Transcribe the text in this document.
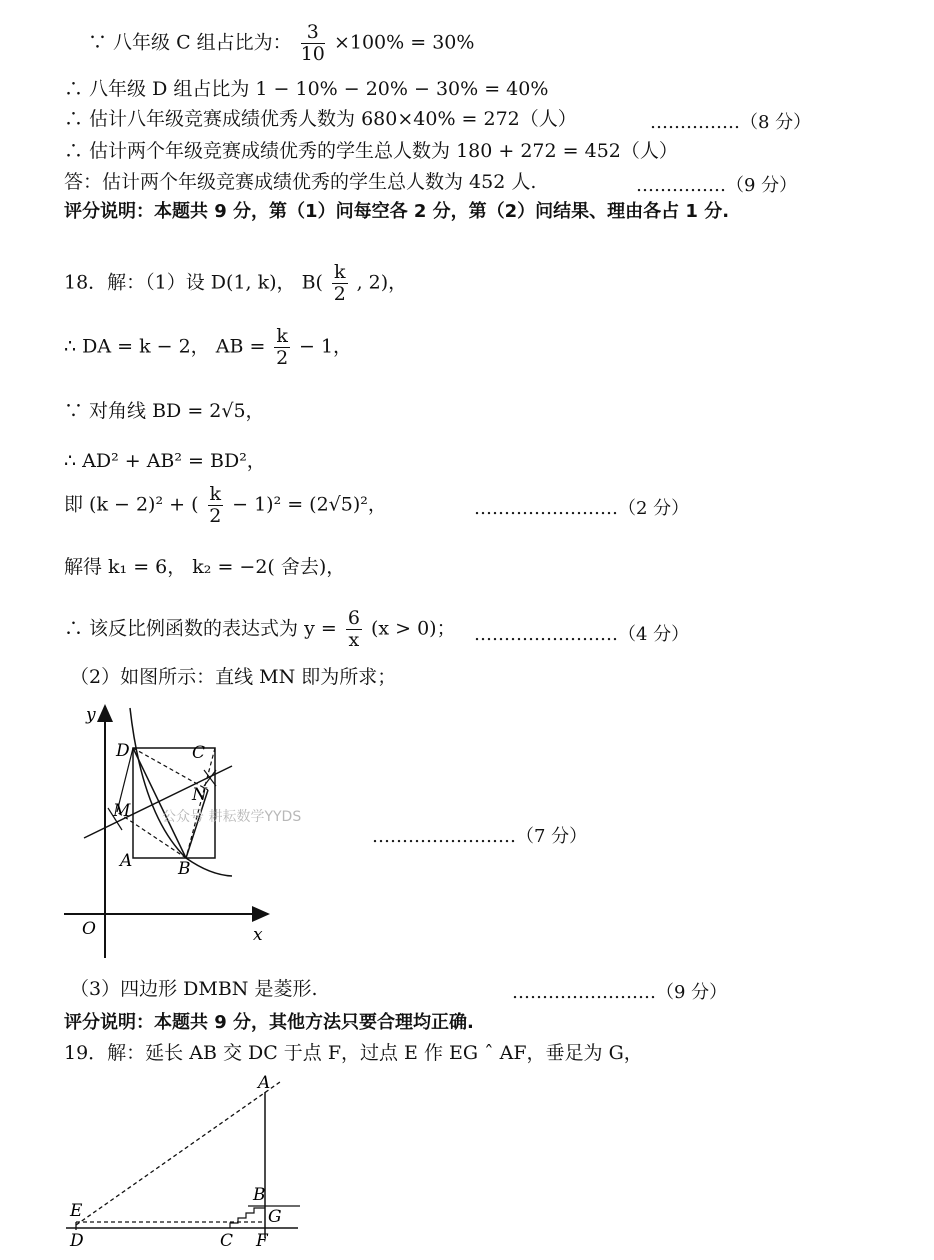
∵ 八年级 C 组占比为： $\frac{3}{10} \times 100\% = 30\%$
∴ 八年级 D 组占比为 1 − 10% − 20% − 30% = 40%
∴ 估计八年级竞赛成绩优秀人数为 680×40% = 272（人）	……………（8 分）
∴ 估计两个年级竞赛成绩优秀的学生总人数为 180 + 272 = 452（人）
答：估计两个年级竞赛成绩优秀的学生总人数为 452 人.	……………（9 分）
评分说明：本题共 9 分，第（1）问每空各 2 分，第（2）问结果、理由各占 1 分.
18．解：（1）设 D(1, k)， $B( \frac{k}{2}$ , 2)，
∴ DA = k − 2， AB = $\frac{k}{2} - 1$，
∵ 对角线 BD = 2√5，
∴ AD² + AB² = BD²，
即 (k − 2)² + ( $\frac{k}{2} - 1)^2 = (2√5)^2$，	……………………（2 分）
解得 k₁ = 6， k₂ = −2( 舍去)，
∴ 该反比例函数的表达式为 $y = \frac{6}{x} (x > 0)$； ……………………（4 分）
（2）如图所示：直线 MN 即为所求；
y
x
O
D	C
M
N
A	B
公众号 耕耘数学YYDS
……………………（7 分）
（3）四边形 DMBN 是菱形.	……………………（9 分）
评分说明：本题共 9 分，其他方法只要合理均正确.
19．解：延长 AB 交 DC 于点 F，过点 E 作 EG ˆ AF，垂足为 G，
A
B
G
E
D	C F
